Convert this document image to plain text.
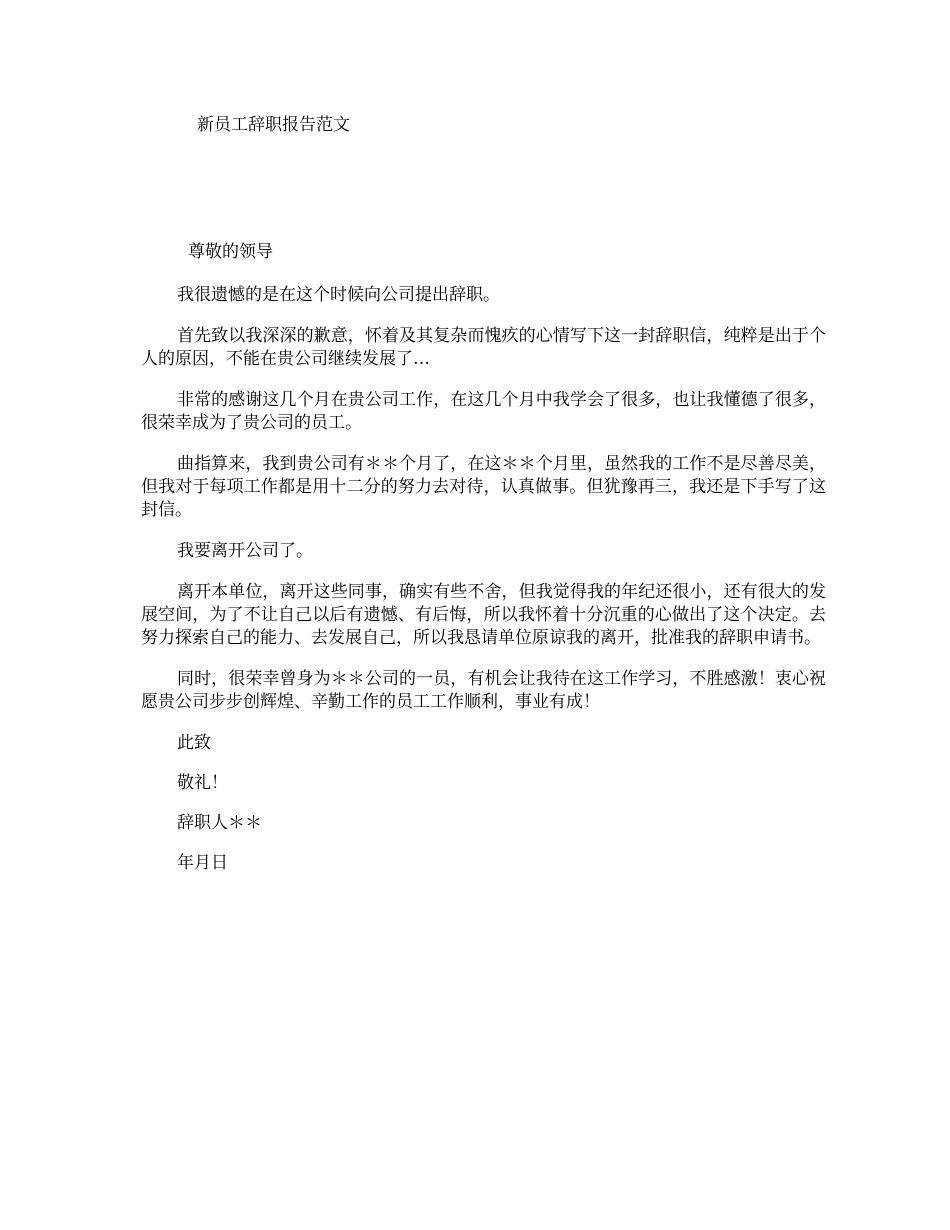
新员工辞职报告范文
尊敬的领导

我很遗憾的是在这个时候向公司提出辞职。

首先致以我深深的歉意，怀着及其复杂而愧疚的心情写下这一封辞职信，纯粹是出于个人的原因，不能在贵公司继续发展了…

非常的感谢这几个月在贵公司工作，在这几个月中我学会了很多，也让我懂德了很多，很荣幸成为了贵公司的员工。

曲指算来，我到贵公司有＊＊个月了，在这＊＊个月里，虽然我的工作不是尽善尽美，但我对于每项工作都是用十二分的努力去对待，认真做事。但犹豫再三，我还是下手写了这封信。

我要离开公司了。

离开本单位，离开这些同事，确实有些不舍，但我觉得我的年纪还很小，还有很大的发展空间，为了不让自己以后有遗憾、有后悔，所以我怀着十分沉重的心做出了这个决定。去努力探索自己的能力、去发展自己，所以我恳请单位原谅我的离开，批准我的辞职申请书。

同时，很荣幸曾身为＊＊公司的一员，有机会让我待在这工作学习，不胜感激！衷心祝愿贵公司步步创辉煌、辛勤工作的员工工作顺利，事业有成！

此致

敬礼！

辞职人＊＊

年月日
